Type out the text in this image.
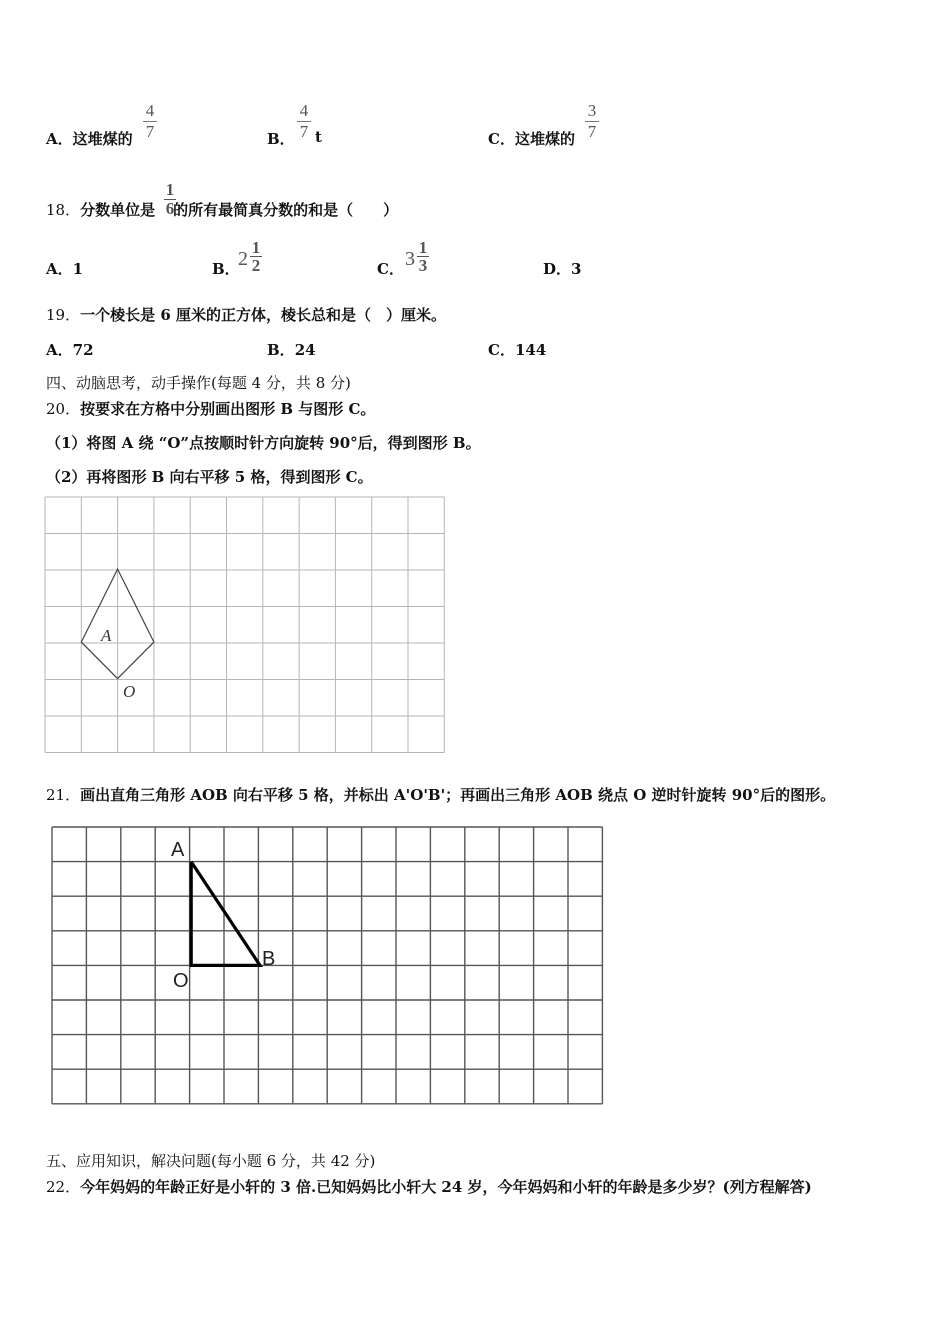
A．这堆煤的
4
7	B．
4
7 t	C．这堆煤的
3
7
18．分数单位是 的所有最简真分数的和是（　　）
1
6
A．1	B．
2
1
2	C． 3
1
3	D．3
19．一个棱长是 6 厘米的正方体，棱长总和是（　）厘米。
A．72	B．24	C．144
四、动脑思考，动手操作(每题 4 分，共 8 分)
20．按要求在方格中分别画出图形 B 与图形 C。
（1）将图 A 绕 “O”点按顺时针方向旋转 90°后，得到图形 B。
（2）再将图形 B 向右平移 5 格，得到图形 C。
A
O
21．画出直角三角形 AOB 向右平移 5 格，并标出 A'O'B'；再画出三角形 AOB 绕点 O 逆时针旋转 90°后的图形。
A
O
B
五、应用知识，解决问题(每小题 6 分，共 42 分)
22．今年妈妈的年龄正好是小轩的 3 倍.已知妈妈比小轩大 24 岁，今年妈妈和小轩的年龄是多少岁？(列方程解答)
